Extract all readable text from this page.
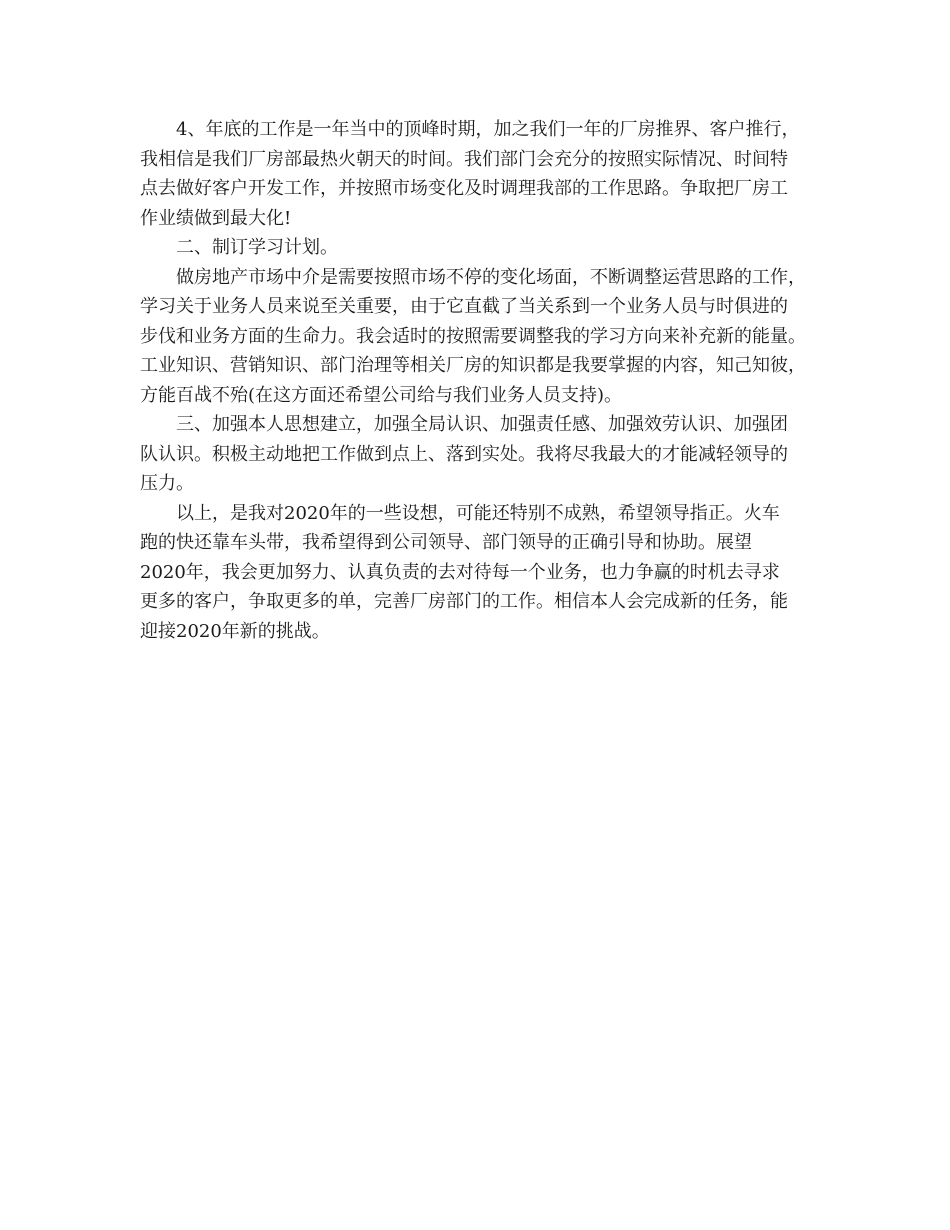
4、年底的工作是一年当中的顶峰时期，加之我们一年的厂房推界、客户推行，
我相信是我们厂房部最热火朝天的时间。我们部门会充分的按照实际情况、时间特
点去做好客户开发工作，并按照市场变化及时调理我部的工作思路。争取把厂房工
作业绩做到最大化!
二、制订学习计划。
做房地产市场中介是需要按照市场不停的变化场面，不断调整运营思路的工作，
学习关于业务人员来说至关重要，由于它直截了当关系到一个业务人员与时俱进的
步伐和业务方面的生命力。我会适时的按照需要调整我的学习方向来补充新的能量。
工业知识、营销知识、部门治理等相关厂房的知识都是我要掌握的内容，知己知彼，
方能百战不殆(在这方面还希望公司给与我们业务人员支持)。
三、加强本人思想建立，加强全局认识、加强责任感、加强效劳认识、加强团
队认识。积极主动地把工作做到点上、落到实处。我将尽我最大的才能减轻领导的
压力。
以上，是我对2020年的一些设想，可能还特别不成熟，希望领导指正。火车
跑的快还靠车头带，我希望得到公司领导、部门领导的正确引导和协助。展望
2020年，我会更加努力、认真负责的去对待每一个业务，也力争赢的时机去寻求
更多的客户，争取更多的单，完善厂房部门的工作。相信本人会完成新的任务，能
迎接2020年新的挑战。
